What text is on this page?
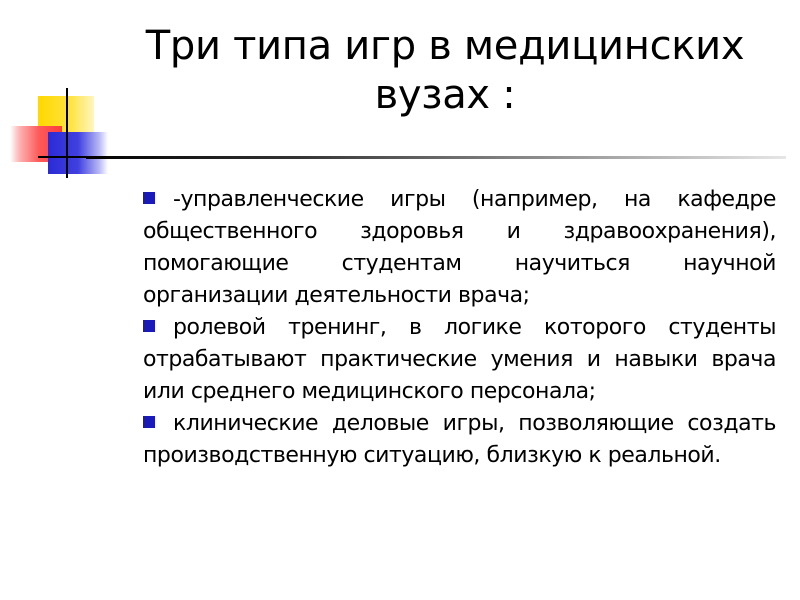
Три типа игр в медицинских вузах :
-управленческие игры (например, на кафедре общественного здоровья и здравоохранения), помогающие студентам научиться научной организации деятельности врача;
ролевой тренинг, в логике которого студенты отрабатывают практические умения и навыки врача или среднего медицинского персонала;
клинические деловые игры, позволяющие создать производственную ситуацию, близкую к реальной.
